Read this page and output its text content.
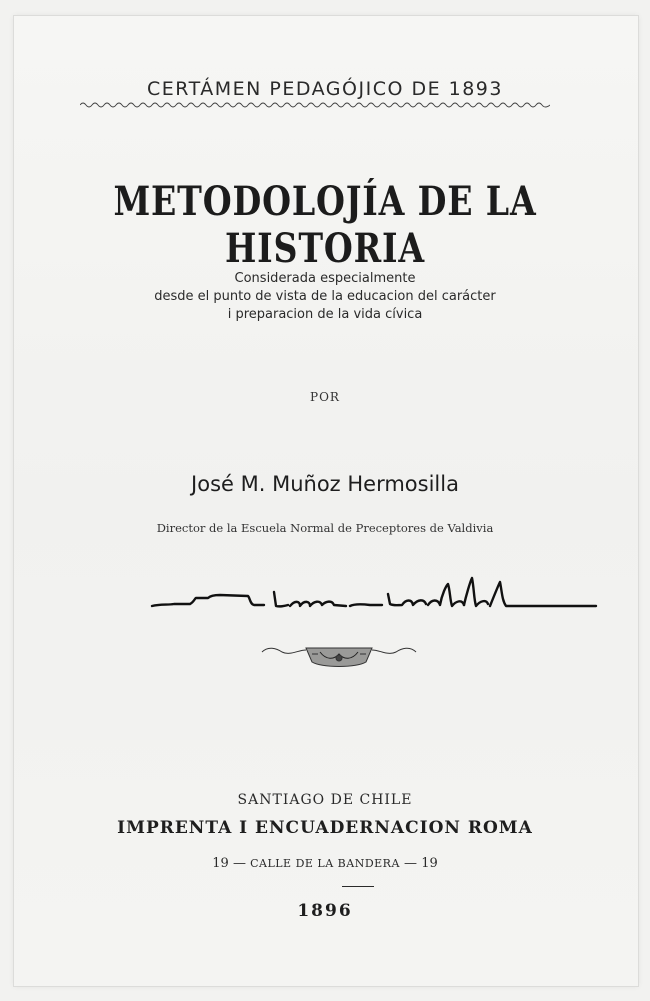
CERTÁMEN PEDAGÓJICO DE 1893
METODOLOJÍA DE LA HISTORIA
Considerada especialmente
desde el punto de vista de la educacion del carácter
i preparacion de la vida cívica
POR
José M. Muñoz Hermosilla
Director de la Escuela Normal de Preceptores de Valdivia
SANTIAGO DE CHILE
IMPRENTA I ENCUADERNACION ROMA
19 — CALLE DE LA BANDERA — 19
1896
